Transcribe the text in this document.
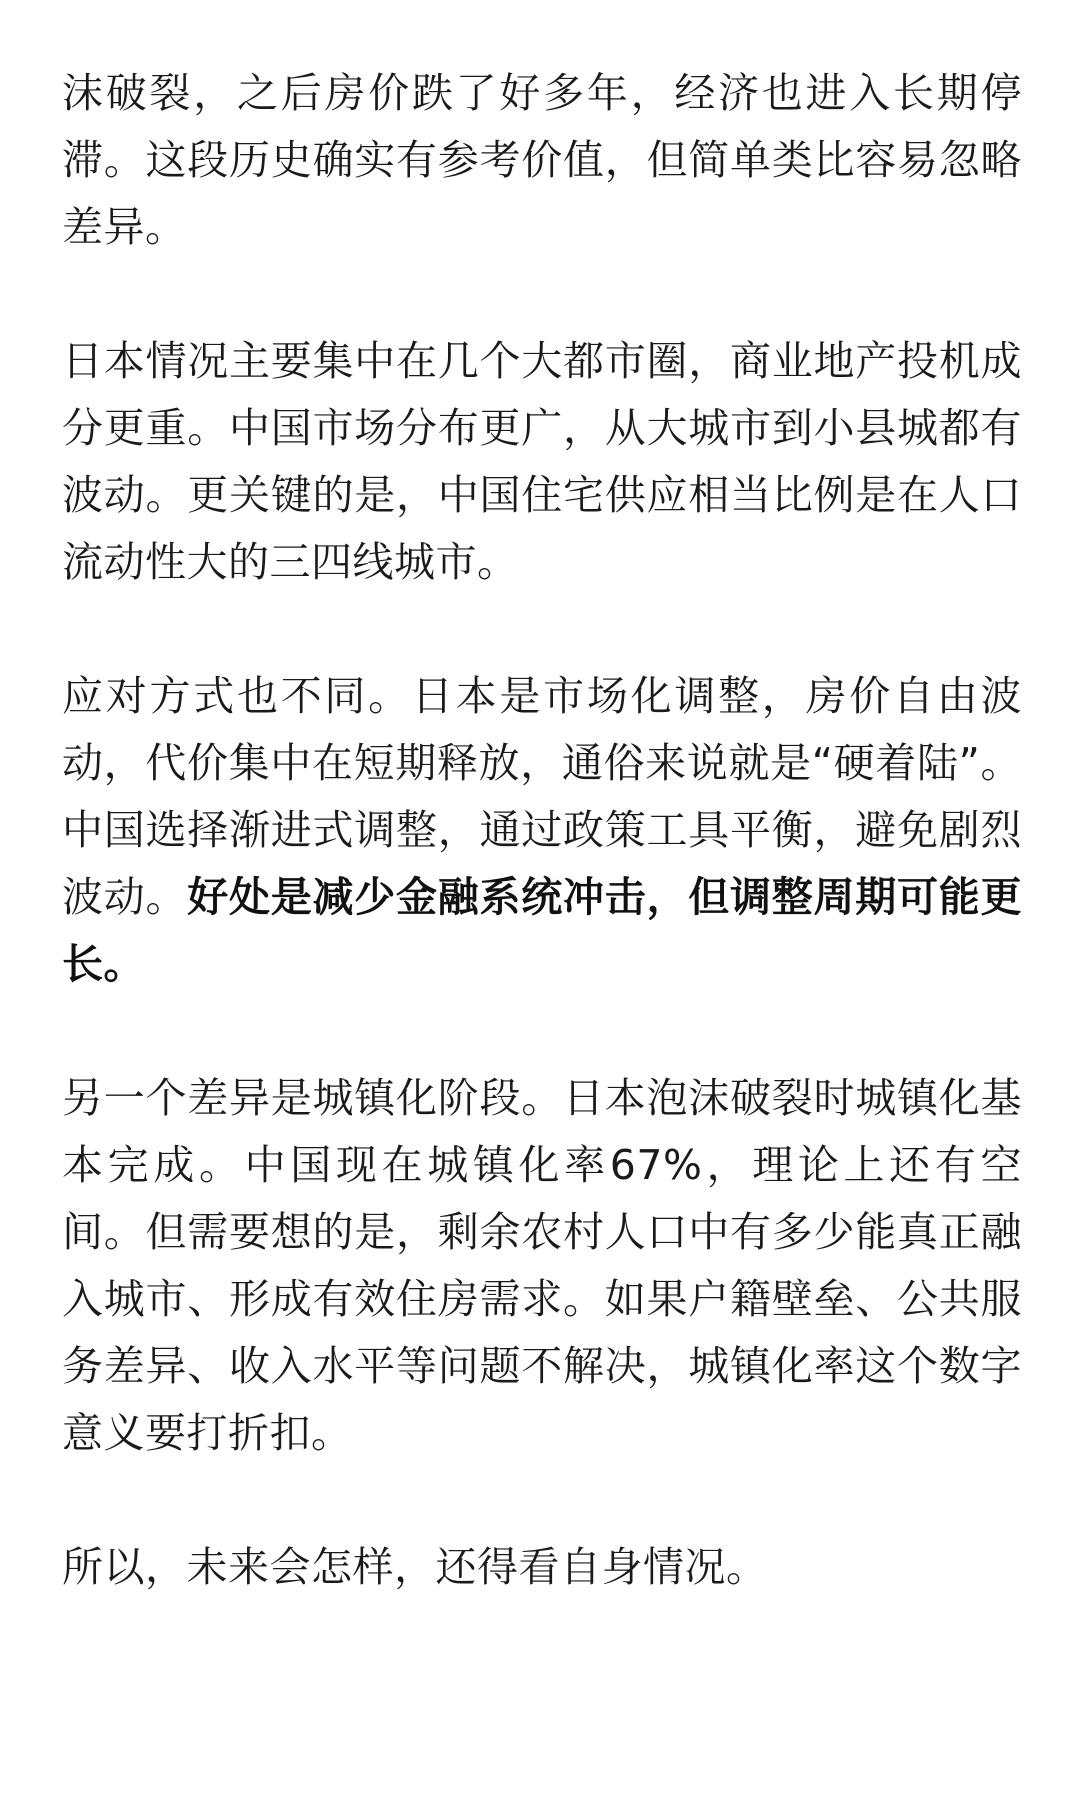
沫破裂，之后房价跌了好多年，经济也进入长期停滞。这段历史确实有参考价值，但简单类比容易忽略差异。

日本情况主要集中在几个大都市圈，商业地产投机成分更重。中国市场分布更广，从大城市到小县城都有波动。更关键的是，中国住宅供应相当比例是在人口流动性大的三四线城市。

应对方式也不同。日本是市场化调整，房价自由波动，代价集中在短期释放，通俗来说就是“硬着陆”。中国选择渐进式调整，通过政策工具平衡，避免剧烈波动。好处是减少金融系统冲击，但调整周期可能更长。

另一个差异是城镇化阶段。日本泡沫破裂时城镇化基本完成。中国现在城镇化率67%，理论上还有空间。但需要想的是，剩余农村人口中有多少能真正融入城市、形成有效住房需求。如果户籍壁垒、公共服务差异、收入水平等问题不解决，城镇化率这个数字意义要打折扣。

所以，未来会怎样，还得看自身情况。
